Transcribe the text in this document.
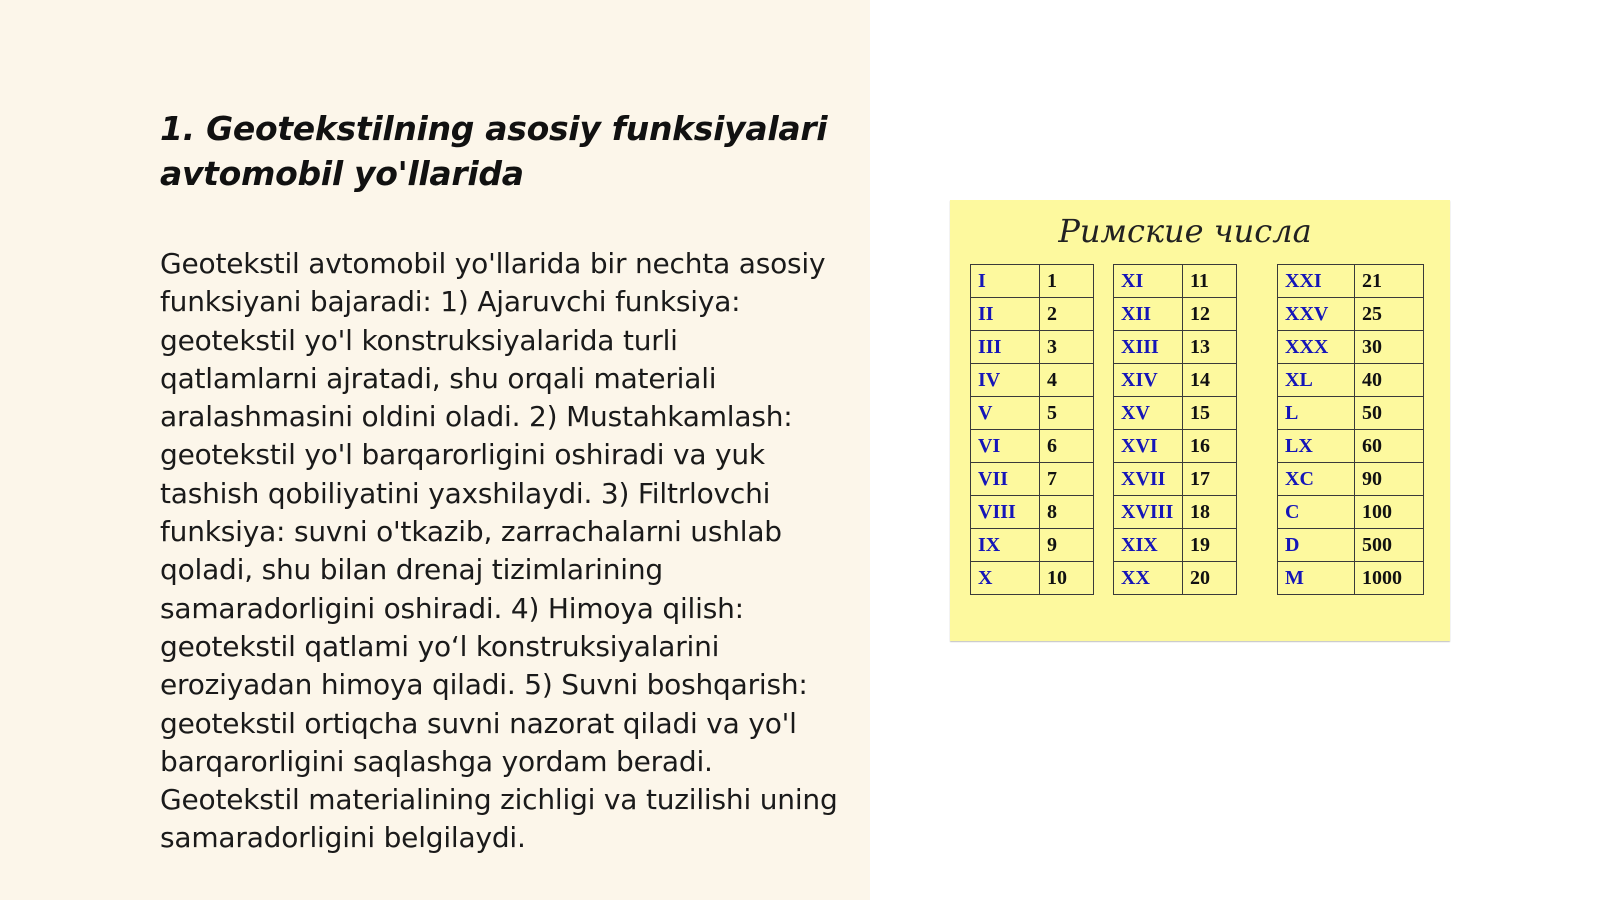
1. Geotekstilning asosiy funksiyalari avtomobil yo'llarida

Geotekstil avtomobil yo'llarida bir nechta asosiy funksiyani bajaradi: 1) Ajaruvchi funksiya: geotekstil yo'l konstruksiyalarida turli qatlamlarni ajratadi, shu orqali materiali aralashmasini oldini oladi. 2) Mustahkamlash: geotekstil yo'l barqarorligini oshiradi va yuk tashish qobiliyatini yaxshilaydi. 3) Filtrlovchi funksiya: suvni o'tkazib, zarrachalarni ushlab qoladi, shu bilan drenaj tizimlarining samaradorligini oshiradi. 4) Himoya qilish: geotekstil qatlami yo‘l konstruksiyalarini eroziyadan himoya qiladi. 5) Suvni boshqarish: geotekstil ortiqcha suvni nazorat qiladi va yo'l barqarorligini saqlashga yordam beradi. Geotekstil materialining zichligi va tuzilishi uning samaradorligini belgilaydi.

Римские числа
I	1
II	2
III	3
IV	4
V	5
VI	6
VII	7
VIII	8
IX	9
X	10
XI	11
XII	12
XIII	13
XIV	14
XV	15
XVI	16
XVII	17
XVIII	18
XIX	19
XX	20
XXI	21
XXV	25
XXX	30
XL	40
L	50
LX	60
XC	90
C	100
D	500
M	1000
